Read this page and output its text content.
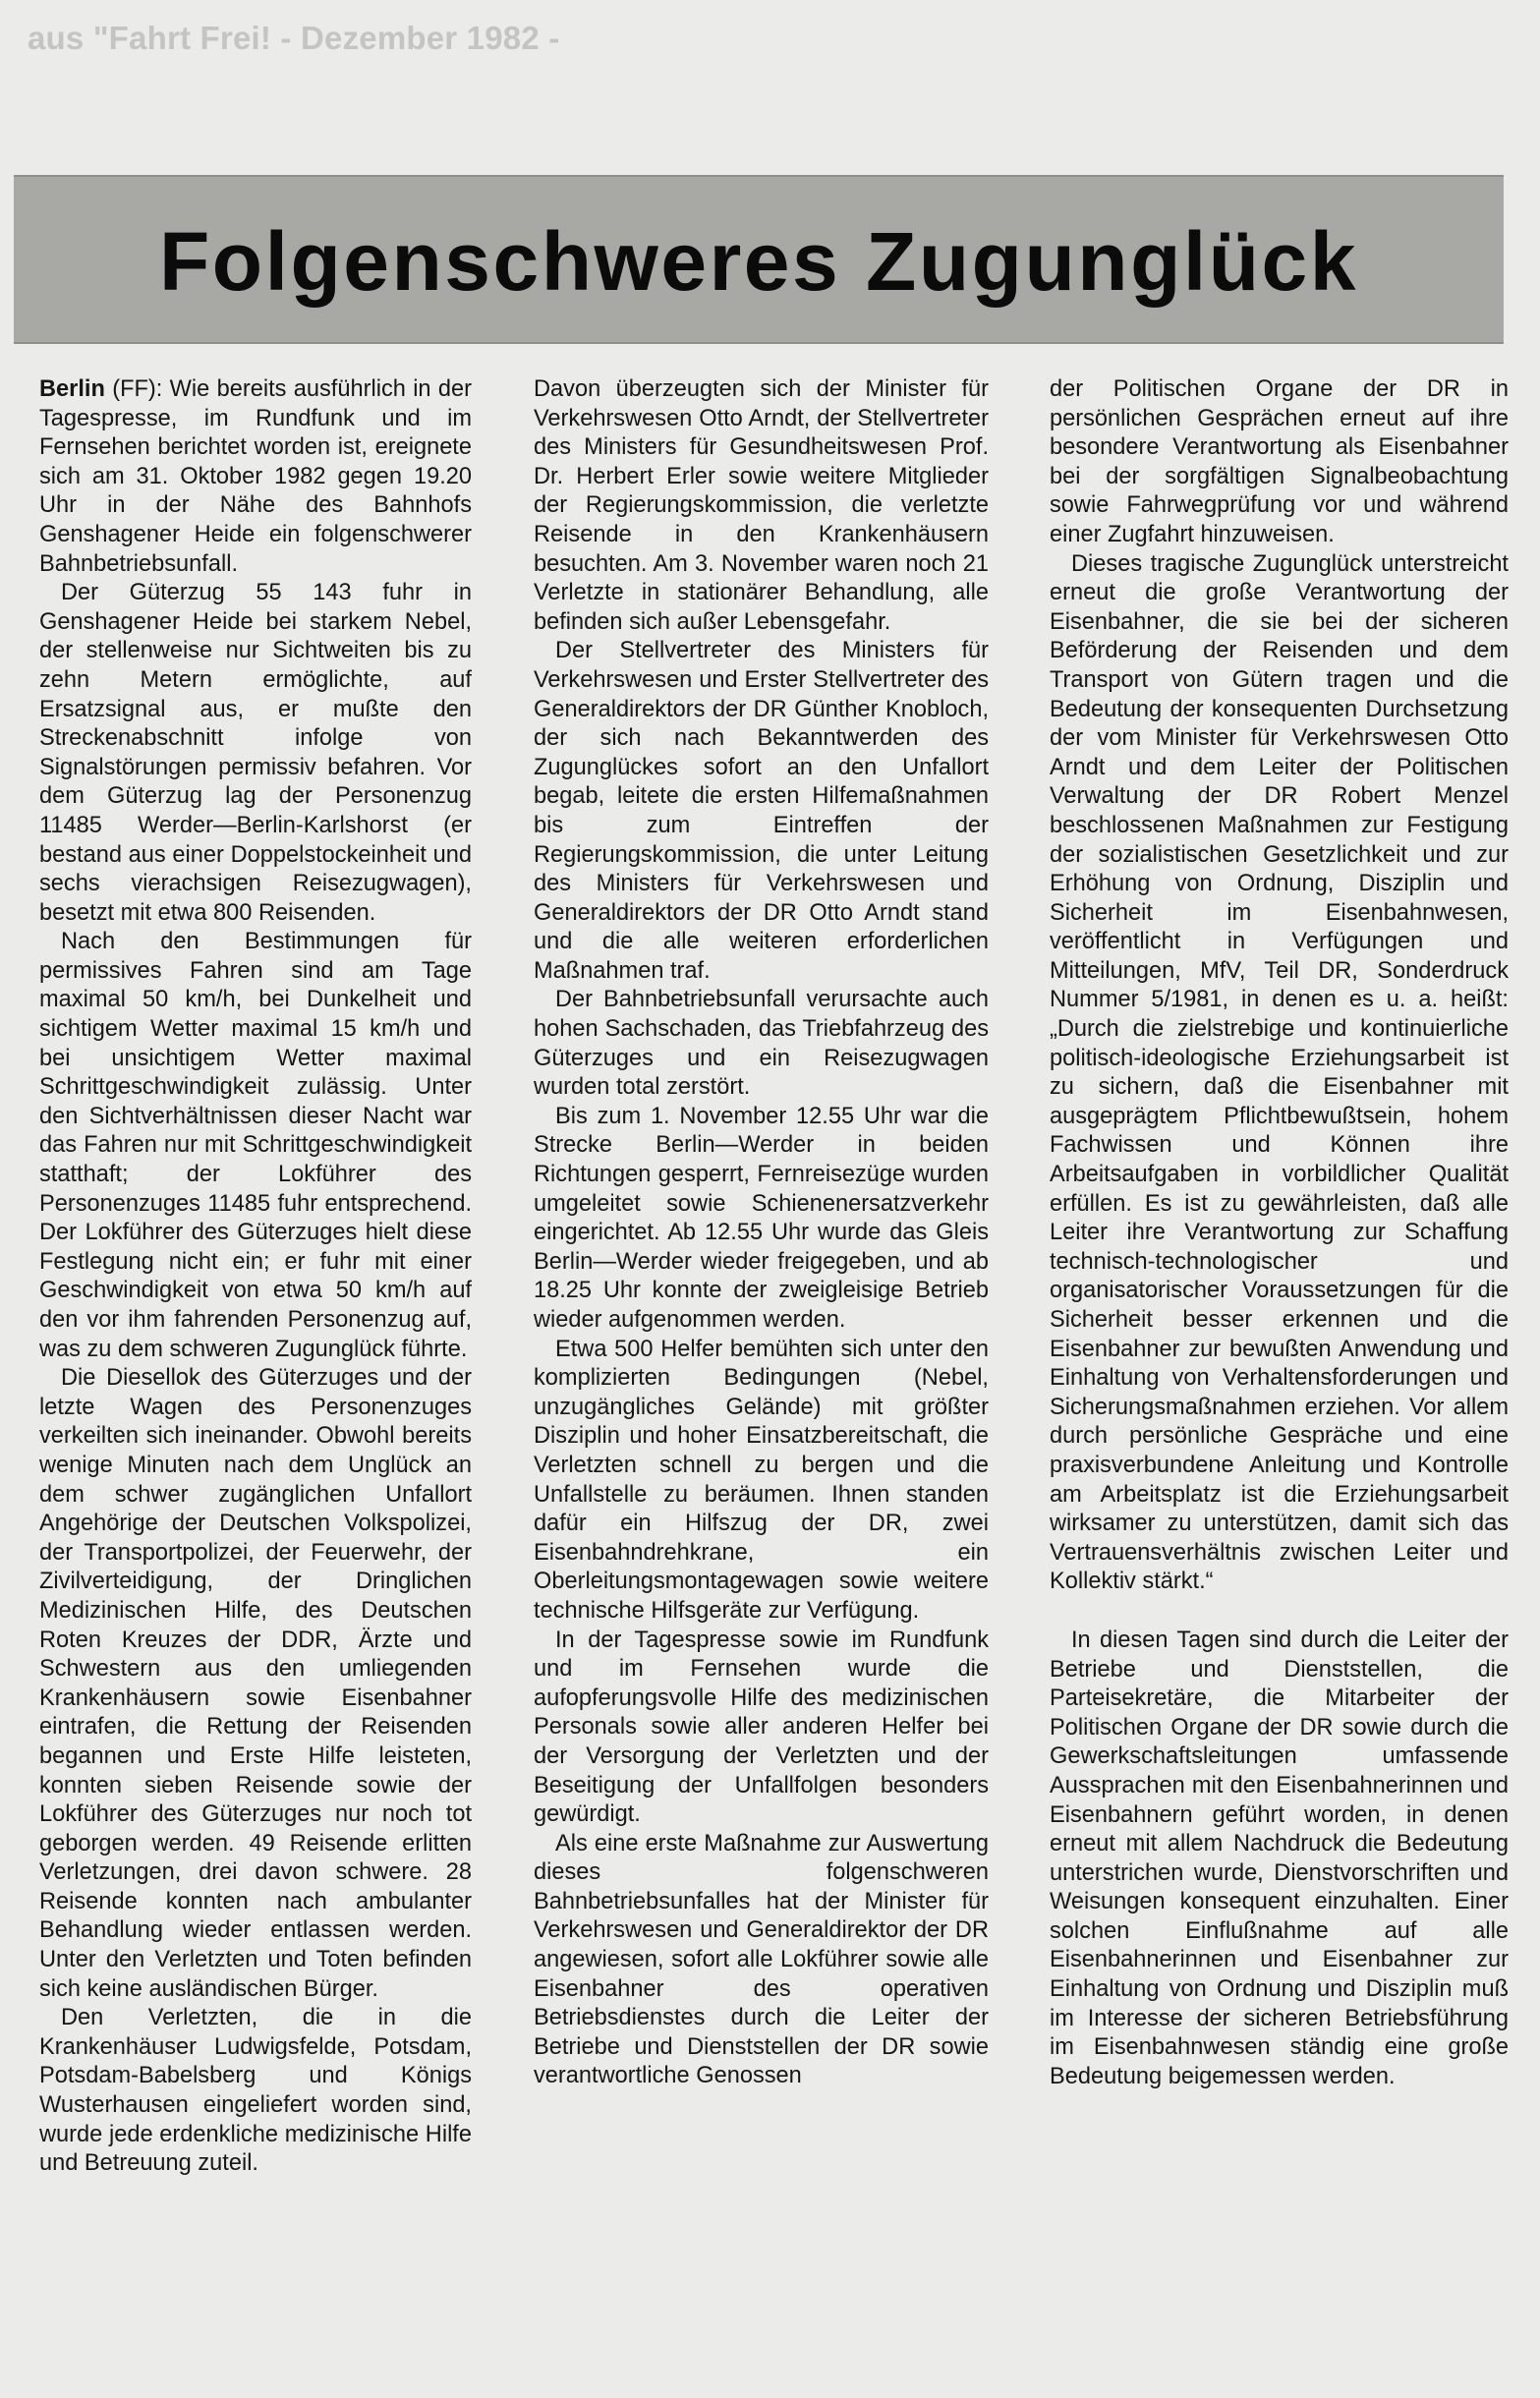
aus "Fahrt Frei! - Dezember 1982 -
Folgenschweres Zugunglück

Berlin (FF): Wie bereits ausführlich in der Tagespresse, im Rundfunk und im Fernsehen berichtet worden ist, ereignete sich am 31. Oktober 1982 gegen 19.20 Uhr in der Nähe des Bahnhofs Genshagener Heide ein folgenschwerer Bahnbetriebsunfall.

Der Güterzug 55 143 fuhr in Genshagener Heide bei starkem Nebel, der stellenweise nur Sichtweiten bis zu zehn Metern ermöglichte, auf Ersatzsignal aus, er mußte den Streckenabschnitt infolge von Signalstörungen permissiv befahren. Vor dem Güterzug lag der Personenzug 11485 Werder—Berlin-Karlshorst (er bestand aus einer Doppelstockeinheit und sechs vierachsigen Reisezugwagen), besetzt mit etwa 800 Reisenden.

Nach den Bestimmungen für permissives Fahren sind am Tage maximal 50 km/h, bei Dunkelheit und sichtigem Wetter maximal 15 km/h und bei unsichtigem Wetter maximal Schrittgeschwindigkeit zulässig. Unter den Sichtverhältnissen dieser Nacht war das Fahren nur mit Schrittgeschwindigkeit statthaft; der Lokführer des Personenzuges 11485 fuhr entsprechend. Der Lokführer des Güterzuges hielt diese Festlegung nicht ein; er fuhr mit einer Geschwindigkeit von etwa 50 km/h auf den vor ihm fahrenden Personenzug auf, was zu dem schweren Zugunglück führte.

Die Diesellok des Güterzuges und der letzte Wagen des Personenzuges verkeilten sich ineinander. Obwohl bereits wenige Minuten nach dem Unglück an dem schwer zugänglichen Unfallort Angehörige der Deutschen Volkspolizei, der Transportpolizei, der Feuerwehr, der Zivilverteidigung, der Dringlichen Medizinischen Hilfe, des Deutschen Roten Kreuzes der DDR, Ärzte und Schwestern aus den umliegenden Krankenhäusern sowie Eisenbahner eintrafen, die Rettung der Reisenden begannen und Erste Hilfe leisteten, konnten sieben Reisende sowie der Lokführer des Güterzuges nur noch tot geborgen werden. 49 Reisende erlitten Verletzungen, drei davon schwere. 28 Reisende konnten nach ambulanter Behandlung wieder entlassen werden. Unter den Verletzten und Toten befinden sich keine ausländischen Bürger.

Den Verletzten, die in die Krankenhäuser Ludwigsfelde, Potsdam, Potsdam-Babelsberg und Königs Wusterhausen eingeliefert worden sind, wurde jede erdenkliche medizinische Hilfe und Betreuung zuteil.

Davon überzeugten sich der Minister für Verkehrswesen Otto Arndt, der Stellvertreter des Ministers für Gesundheitswesen Prof. Dr. Herbert Erler sowie weitere Mitglieder der Regierungskommission, die verletzte Reisende in den Krankenhäusern besuchten. Am 3. November waren noch 21 Verletzte in stationärer Behandlung, alle befinden sich außer Lebensgefahr.

Der Stellvertreter des Ministers für Verkehrswesen und Erster Stellvertreter des Generaldirektors der DR Günther Knobloch, der sich nach Bekanntwerden des Zugunglückes sofort an den Unfallort begab, leitete die ersten Hilfemaßnahmen bis zum Eintreffen der Regierungskommission, die unter Leitung des Ministers für Verkehrswesen und Generaldirektors der DR Otto Arndt stand und die alle weiteren erforderlichen Maßnahmen traf.

Der Bahnbetriebsunfall verursachte auch hohen Sachschaden, das Triebfahrzeug des Güterzuges und ein Reisezugwagen wurden total zerstört.

Bis zum 1. November 12.55 Uhr war die Strecke Berlin—Werder in beiden Richtungen gesperrt, Fernreisezüge wurden umgeleitet sowie Schienenersatzverkehr eingerichtet. Ab 12.55 Uhr wurde das Gleis Berlin—Werder wieder freigegeben, und ab 18.25 Uhr konnte der zweigleisige Betrieb wieder aufgenommen werden.

Etwa 500 Helfer bemühten sich unter den komplizierten Bedingungen (Nebel, unzugängliches Gelände) mit größter Disziplin und hoher Einsatzbereitschaft, die Verletzten schnell zu bergen und die Unfallstelle zu beräumen. Ihnen standen dafür ein Hilfszug der DR, zwei Eisenbahndrehkrane, ein Oberleitungsmontagewagen sowie weitere technische Hilfsgeräte zur Verfügung.

In der Tagespresse sowie im Rundfunk und im Fernsehen wurde die aufopferungsvolle Hilfe des medizinischen Personals sowie aller anderen Helfer bei der Versorgung der Verletzten und der Beseitigung der Unfallfolgen besonders gewürdigt.

Als eine erste Maßnahme zur Auswertung dieses folgenschweren Bahnbetriebsunfalles hat der Minister für Verkehrswesen und Generaldirektor der DR angewiesen, sofort alle Lokführer sowie alle Eisenbahner des operativen Betriebsdienstes durch die Leiter der Betriebe und Dienststellen der DR sowie verantwortliche Genossen

der Politischen Organe der DR in persönlichen Gesprächen erneut auf ihre besondere Verantwortung als Eisenbahner bei der sorgfältigen Signalbeobachtung sowie Fahrwegprüfung vor und während einer Zugfahrt hinzuweisen.

Dieses tragische Zugunglück unterstreicht erneut die große Verantwortung der Eisenbahner, die sie bei der sicheren Beförderung der Reisenden und dem Transport von Gütern tragen und die Bedeutung der konsequenten Durchsetzung der vom Minister für Verkehrswesen Otto Arndt und dem Leiter der Politischen Verwaltung der DR Robert Menzel beschlossenen Maßnahmen zur Festigung der sozialistischen Gesetzlichkeit und zur Erhöhung von Ordnung, Disziplin und Sicherheit im Eisenbahnwesen, veröffentlicht in Verfügungen und Mitteilungen, MfV, Teil DR, Sonderdruck Nummer 5/1981, in denen es u. a. heißt: „Durch die zielstrebige und kontinuierliche politisch-ideologische Erziehungsarbeit ist zu sichern, daß die Eisenbahner mit ausgeprägtem Pflichtbewußtsein, hohem Fachwissen und Können ihre Arbeitsaufgaben in vorbildlicher Qualität erfüllen. Es ist zu gewährleisten, daß alle Leiter ihre Verantwortung zur Schaffung technisch-technologischer und organisatorischer Voraussetzungen für die Sicherheit besser erkennen und die Eisenbahner zur bewußten Anwendung und Einhaltung von Verhaltensforderungen und Sicherungsmaßnahmen erziehen. Vor allem durch persönliche Gespräche und eine praxisverbundene Anleitung und Kontrolle am Arbeitsplatz ist die Erziehungsarbeit wirksamer zu unterstützen, damit sich das Vertrauensverhältnis zwischen Leiter und Kollektiv stärkt.“

In diesen Tagen sind durch die Leiter der Betriebe und Dienststellen, die Parteisekretäre, die Mitarbeiter der Politischen Organe der DR sowie durch die Gewerkschaftsleitungen umfassende Aussprachen mit den Eisenbahnerinnen und Eisenbahnern geführt worden, in denen erneut mit allem Nachdruck die Bedeutung unterstrichen wurde, Dienstvorschriften und Weisungen konsequent einzuhalten. Einer solchen Einflußnahme auf alle Eisenbahnerinnen und Eisenbahner zur Einhaltung von Ordnung und Disziplin muß im Interesse der sicheren Betriebsführung im Eisenbahnwesen ständig eine große Bedeutung beigemessen werden.
